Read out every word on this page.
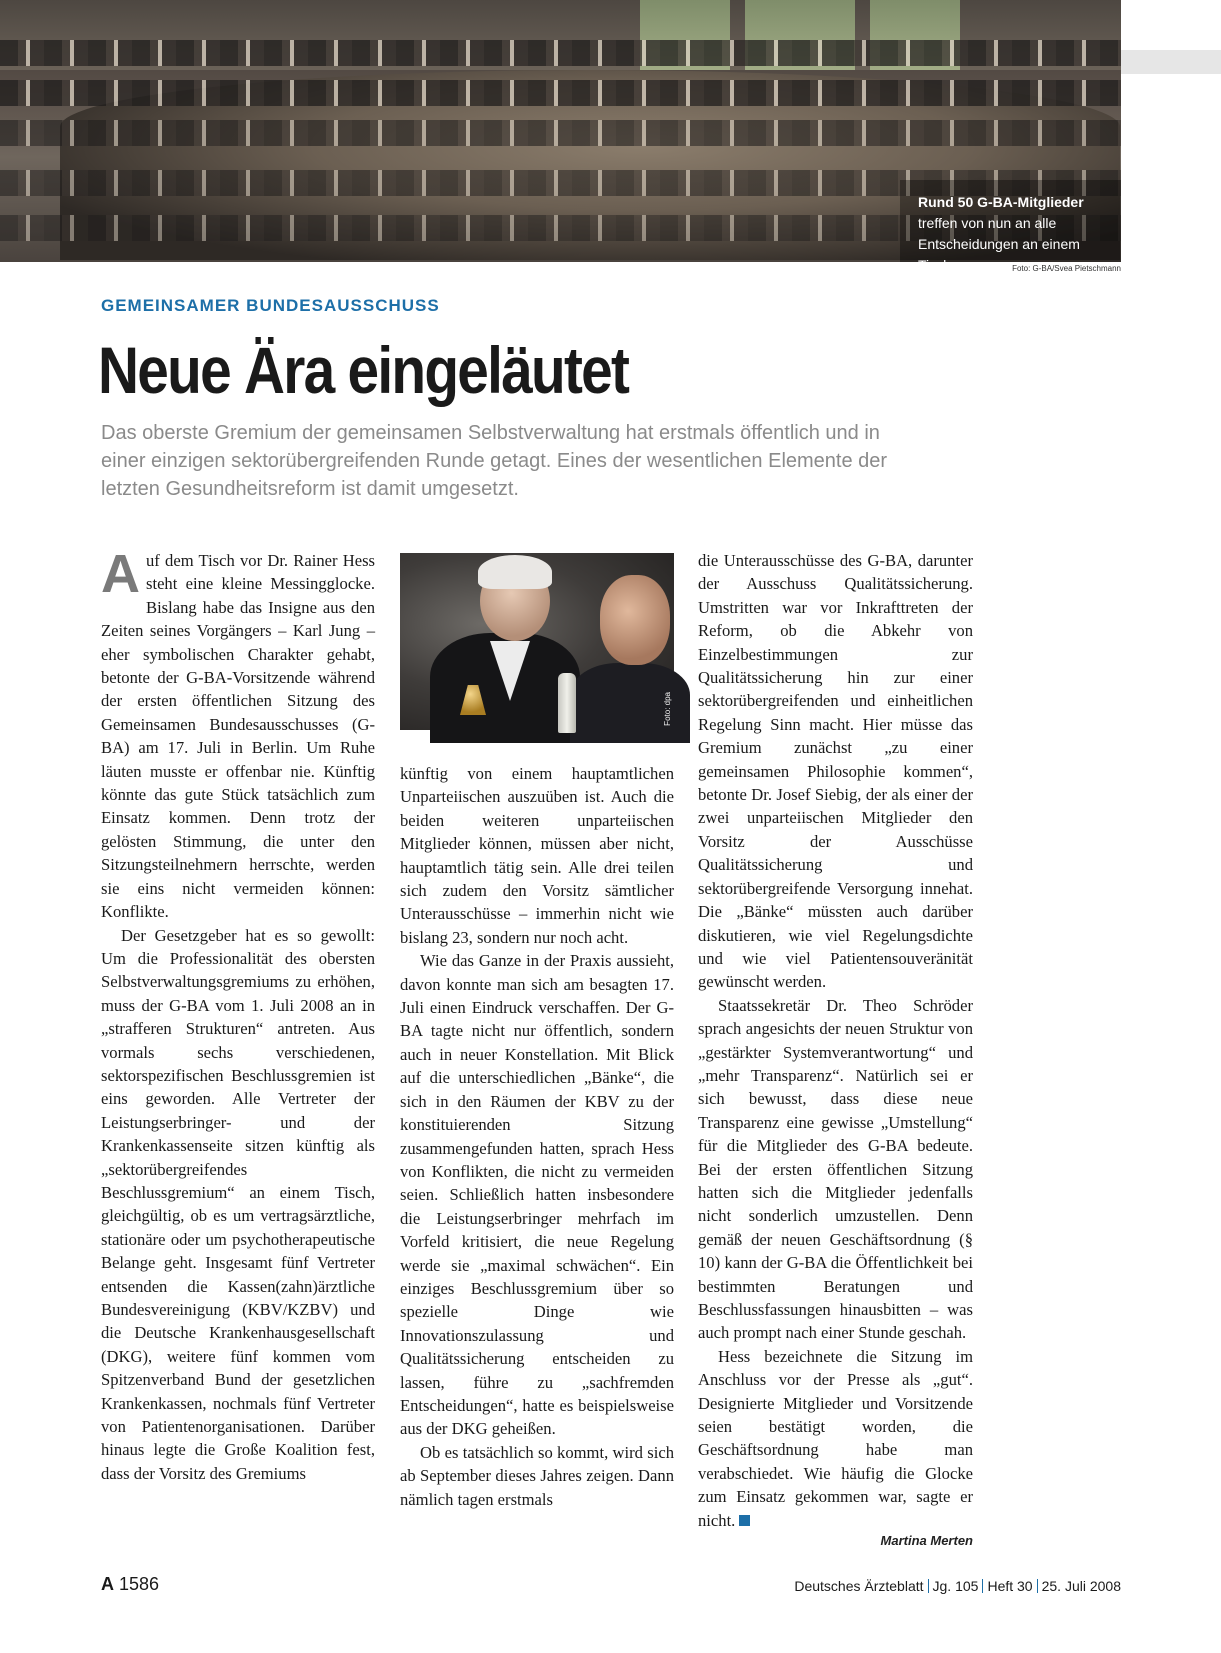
Rund 50 G-BA-Mitglieder
treffen von nun an alle
Entscheidungen an einem Tisch.	Foto: G-BA/Svea Pietschmann
GEMEINSAMER BUNDESAUSSCHUSS
Neue Ära eingeläutet
Das oberste Gremium der gemeinsamen Selbstverwaltung hat erstmals öffentlich und in einer einzigen sektorübergreifenden Runde getagt. Eines der wesentlichen Elemente der letzten Gesundheitsreform ist damit umgesetzt.

Auf dem Tisch vor Dr. Rainer Hess steht eine kleine Messingglocke. Bislang habe das Insigne aus den Zeiten seines Vorgängers – Karl Jung – eher symbolischen Charakter gehabt, betonte der G-BA-Vorsitzende während der ersten öffentlichen Sitzung des Gemeinsamen Bundesausschusses (G-BA) am 17. Juli in Berlin. Um Ruhe läuten musste er offenbar nie. Künftig könnte das gute Stück tatsächlich zum Einsatz kommen. Denn trotz der gelösten Stimmung, die unter den Sitzungsteilnehmern herrschte, werden sie eins nicht vermeiden können: Konflikte.

Der Gesetzgeber hat es so gewollt: Um die Professionalität des obersten Selbstverwaltungsgremiums zu erhöhen, muss der G-BA vom 1. Juli 2008 an in „strafferen Strukturen“ antreten. Aus vormals sechs verschiedenen, sektorspezifischen Beschlussgremien ist eins geworden. Alle Vertreter der Leistungserbringer- und der Krankenkassenseite sitzen künftig als „sektorübergreifendes Beschlussgremium“ an einem Tisch, gleichgültig, ob es um vertragsärztliche, stationäre oder um psychotherapeutische Belange geht. Insgesamt fünf Vertreter entsenden die Kassen(zahn)ärztliche Bundesvereinigung (KBV/KZBV) und die Deutsche Krankenhausgesellschaft (DKG), weitere fünf kommen vom Spitzenverband Bund der gesetzlichen Krankenkassen, nochmals fünf Vertreter von Patientenorganisationen. Darüber hinaus legte die Große Koalition fest, dass der Vorsitz des Gremiums

Foto: dpa

künftig von einem hauptamtlichen Unparteiischen auszuüben ist. Auch die beiden weiteren unparteiischen Mitglieder können, müssen aber nicht, hauptamtlich tätig sein. Alle drei teilen sich zudem den Vorsitz sämtlicher Unterausschüsse – immerhin nicht wie bislang 23, sondern nur noch acht.

Wie das Ganze in der Praxis aussieht, davon konnte man sich am besagten 17. Juli einen Eindruck verschaffen. Der G-BA tagte nicht nur öffentlich, sondern auch in neuer Konstellation. Mit Blick auf die unterschiedlichen „Bänke“, die sich in den Räumen der KBV zu der konstituierenden Sitzung zusammengefunden hatten, sprach Hess von Konflikten, die nicht zu vermeiden seien. Schließlich hatten insbesondere die Leistungserbringer mehrfach im Vorfeld kritisiert, die neue Regelung werde sie „maximal schwächen“. Ein einziges Beschlussgremium über so spezielle Dinge wie Innovationszulassung und Qualitätssicherung entscheiden zu lassen, führe zu „sachfremden Entscheidungen“, hatte es beispielsweise aus der DKG geheißen.

Ob es tatsächlich so kommt, wird sich ab September dieses Jahres zeigen. Dann nämlich tagen erstmals

die Unterausschüsse des G-BA, darunter der Ausschuss Qualitätssicherung. Umstritten war vor Inkrafttreten der Reform, ob die Abkehr von Einzelbestimmungen zur Qualitätssicherung hin zur einer sektorübergreifenden und einheitlichen Regelung Sinn macht. Hier müsse das Gremium zunächst „zu einer gemeinsamen Philosophie kommen“, betonte Dr. Josef Siebig, der als einer der zwei unparteiischen Mitglieder den Vorsitz der Ausschüsse Qualitätssicherung und sektorübergreifende Versorgung innehat. Die „Bänke“ müssten auch darüber diskutieren, wie viel Regelungsdichte und wie viel Patientensouveränität gewünscht werden.

Staatssekretär Dr. Theo Schröder sprach angesichts der neuen Struktur von „gestärkter Systemverantwortung“ und „mehr Transparenz“. Natürlich sei er sich bewusst, dass diese neue Transparenz eine gewisse „Umstellung“ für die Mitglieder des G-BA bedeute. Bei der ersten öffentlichen Sitzung hatten sich die Mitglieder jedenfalls nicht sonderlich umzustellen. Denn gemäß der neuen Geschäftsordnung (§ 10) kann der G-BA die Öffentlichkeit bei bestimmten Beratungen und Beschlussfassungen hinausbitten – was auch prompt nach einer Stunde geschah.

Hess bezeichnete die Sitzung im Anschluss vor der Presse als „gut“. Designierte Mitglieder und Vorsitzende seien bestätigt worden, die Geschäftsordnung habe man verabschiedet. Wie häufig die Glocke zum Einsatz gekommen war, sagte er nicht.

Martina Merten
A 1586	Deutsches Ärzteblatt Jg. 105 Heft 30 25. Juli 2008
